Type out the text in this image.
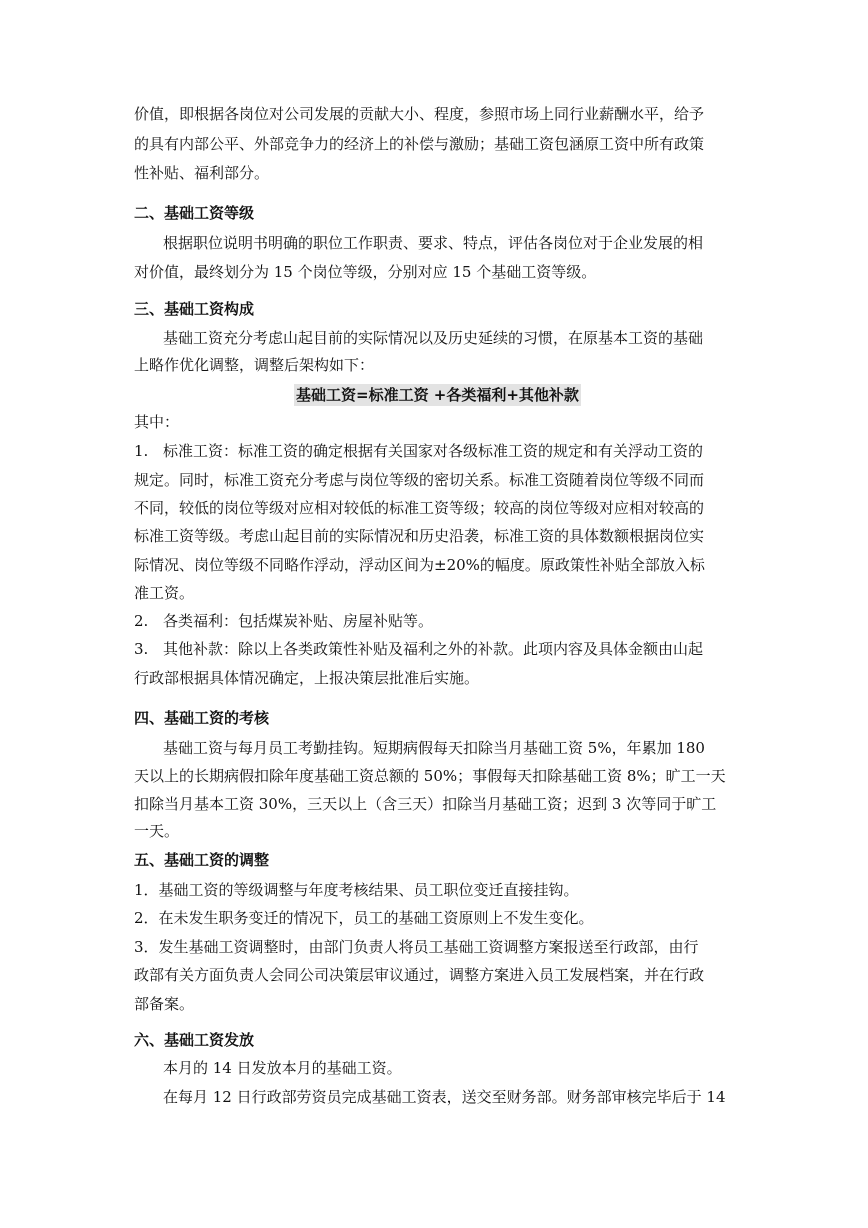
价值，即根据各岗位对公司发展的贡献大小、程度，参照市场上同行业薪酬水平，给予
的具有内部公平、外部竞争力的经济上的补偿与激励；基础工资包涵原工资中所有政策
性补贴、福利部分。
二、基础工资等级
根据职位说明书明确的职位工作职责、要求、特点，评估各岗位对于企业发展的相
对价值，最终划分为 15 个岗位等级，分别对应 15 个基础工资等级。
三、基础工资构成
基础工资充分考虑山起目前的实际情况以及历史延续的习惯，在原基本工资的基础
上略作优化调整，调整后架构如下：
基础工资=标准工资 +各类福利+其他补款
其中：
1. 标准工资：标准工资的确定根据有关国家对各级标准工资的规定和有关浮动工资的
规定。同时，标准工资充分考虑与岗位等级的密切关系。标准工资随着岗位等级不同而
不同，较低的岗位等级对应相对较低的标准工资等级；较高的岗位等级对应相对较高的
标准工资等级。考虑山起目前的实际情况和历史沿袭，标准工资的具体数额根据岗位实
际情况、岗位等级不同略作浮动，浮动区间为±20%的幅度。原政策性补贴全部放入标
准工资。
2. 各类福利：包括煤炭补贴、房屋补贴等。
3. 其他补款：除以上各类政策性补贴及福利之外的补款。此项内容及具体金额由山起
行政部根据具体情况确定，上报决策层批准后实施。
四、基础工资的考核
基础工资与每月员工考勤挂钩。短期病假每天扣除当月基础工资 5%，年累加 180
天以上的长期病假扣除年度基础工资总额的 50%；事假每天扣除基础工资 8%；旷工一天
扣除当月基本工资 30%，三天以上（含三天）扣除当月基础工资；迟到 3 次等同于旷工
一天。
五、基础工资的调整
1．基础工资的等级调整与年度考核结果、员工职位变迁直接挂钩。
2．在未发生职务变迁的情况下，员工的基础工资原则上不发生变化。
3．发生基础工资调整时，由部门负责人将员工基础工资调整方案报送至行政部，由行
政部有关方面负责人会同公司决策层审议通过，调整方案进入员工发展档案，并在行政
部备案。
六、基础工资发放
本月的 14 日发放本月的基础工资。
在每月 12 日行政部劳资员完成基础工资表，送交至财务部。财务部审核完毕后于 14
